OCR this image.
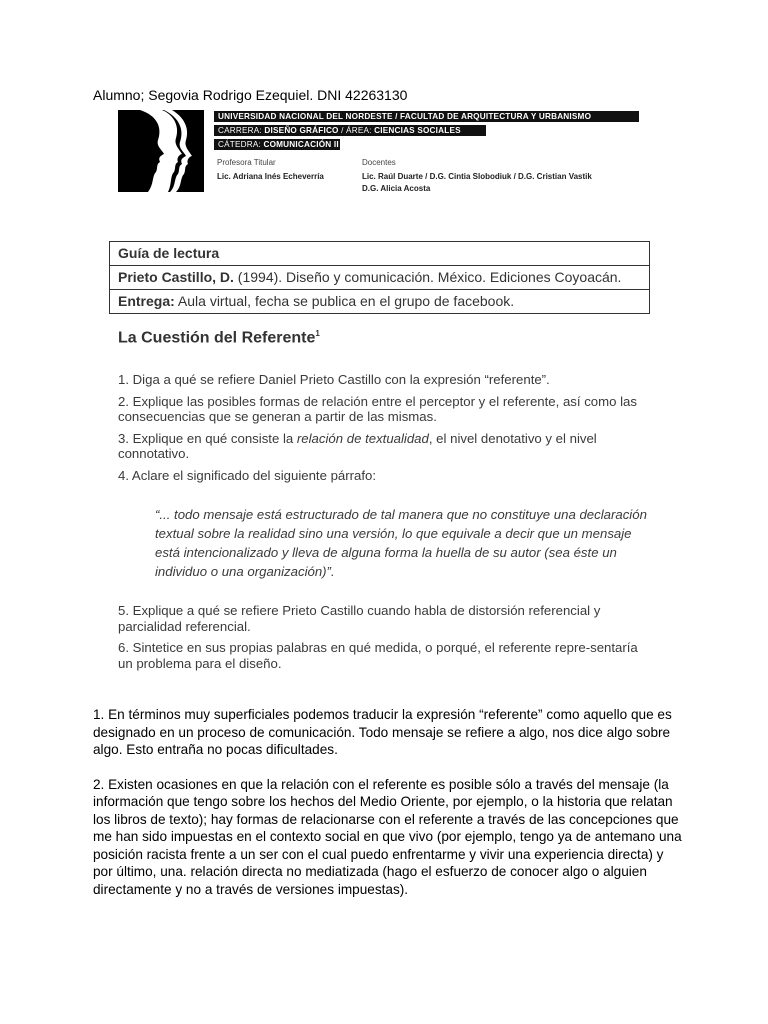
Alumno; Segovia Rodrigo Ezequiel. DNI 42263130
UNIVERSIDAD NACIONAL DEL NORDESTE / FACULTAD DE ARQUITECTURA Y URBANISMO
CARRERA: DISEÑO GRÁFICO / ÁREA: CIENCIAS SOCIALES
CÁTEDRA: COMUNICACIÓN II
Profesora Titular
Lic. Adriana Inés Echeverría
Docentes
Lic. Raúl Duarte / D.G. Cintia Slobodiuk / D.G. Cristian Vastik
D.G. Alicia Acosta
Guía de lectura
Prieto Castillo, D. (1994). Diseño y comunicación. México. Ediciones Coyoacán.
Entrega: Aula virtual, fecha se publica en el grupo de facebook.
La Cuestión del Referente$^1$

1. Diga a qué se refiere Daniel Prieto Castillo con la expresión “referente”.

2. Explique las posibles formas de relación entre el perceptor y el referente, así como las consecuencias que se generan a partir de las mismas.

3. Explique en qué consiste la relación de textualidad, el nivel denotativo y el nivel connotativo.

4. Aclare el significado del siguiente párrafo:

“... todo mensaje está estructurado de tal manera que no constituye una declaración textual sobre la realidad sino una versión, lo que equivale a decir que un mensaje está intencionalizado y lleva de alguna forma la huella de su autor (sea éste un individuo o una organización)”.

5. Explique a qué se refiere Prieto Castillo cuando habla de distorsión referencial y parcialidad referencial.

6. Sintetice en sus propias palabras en qué medida, o porqué, el referente repre-sentaría un problema para el diseño.

1. En términos muy superficiales podemos traducir la expresión “referente” como aquello que es designado en un proceso de comunicación. Todo mensaje se refiere a algo, nos dice algo sobre algo. Esto entraña no pocas dificultades.

2. Existen ocasiones en que la relación con el referente es posible sólo a través del mensaje (la información que tengo sobre los hechos del Medio Oriente, por ejemplo, o la historia que relatan los libros de texto); hay formas de relacionarse con el referente a través de las concepciones que me han sido impuestas en el contexto social en que vivo (por ejemplo, tengo ya de antemano una posición racista frente a un ser con el cual puedo enfrentarme y vivir una experiencia directa) y por último, una. relación directa no mediatizada (hago el esfuerzo de conocer algo o alguien directamente y no a través de versiones impuestas).
